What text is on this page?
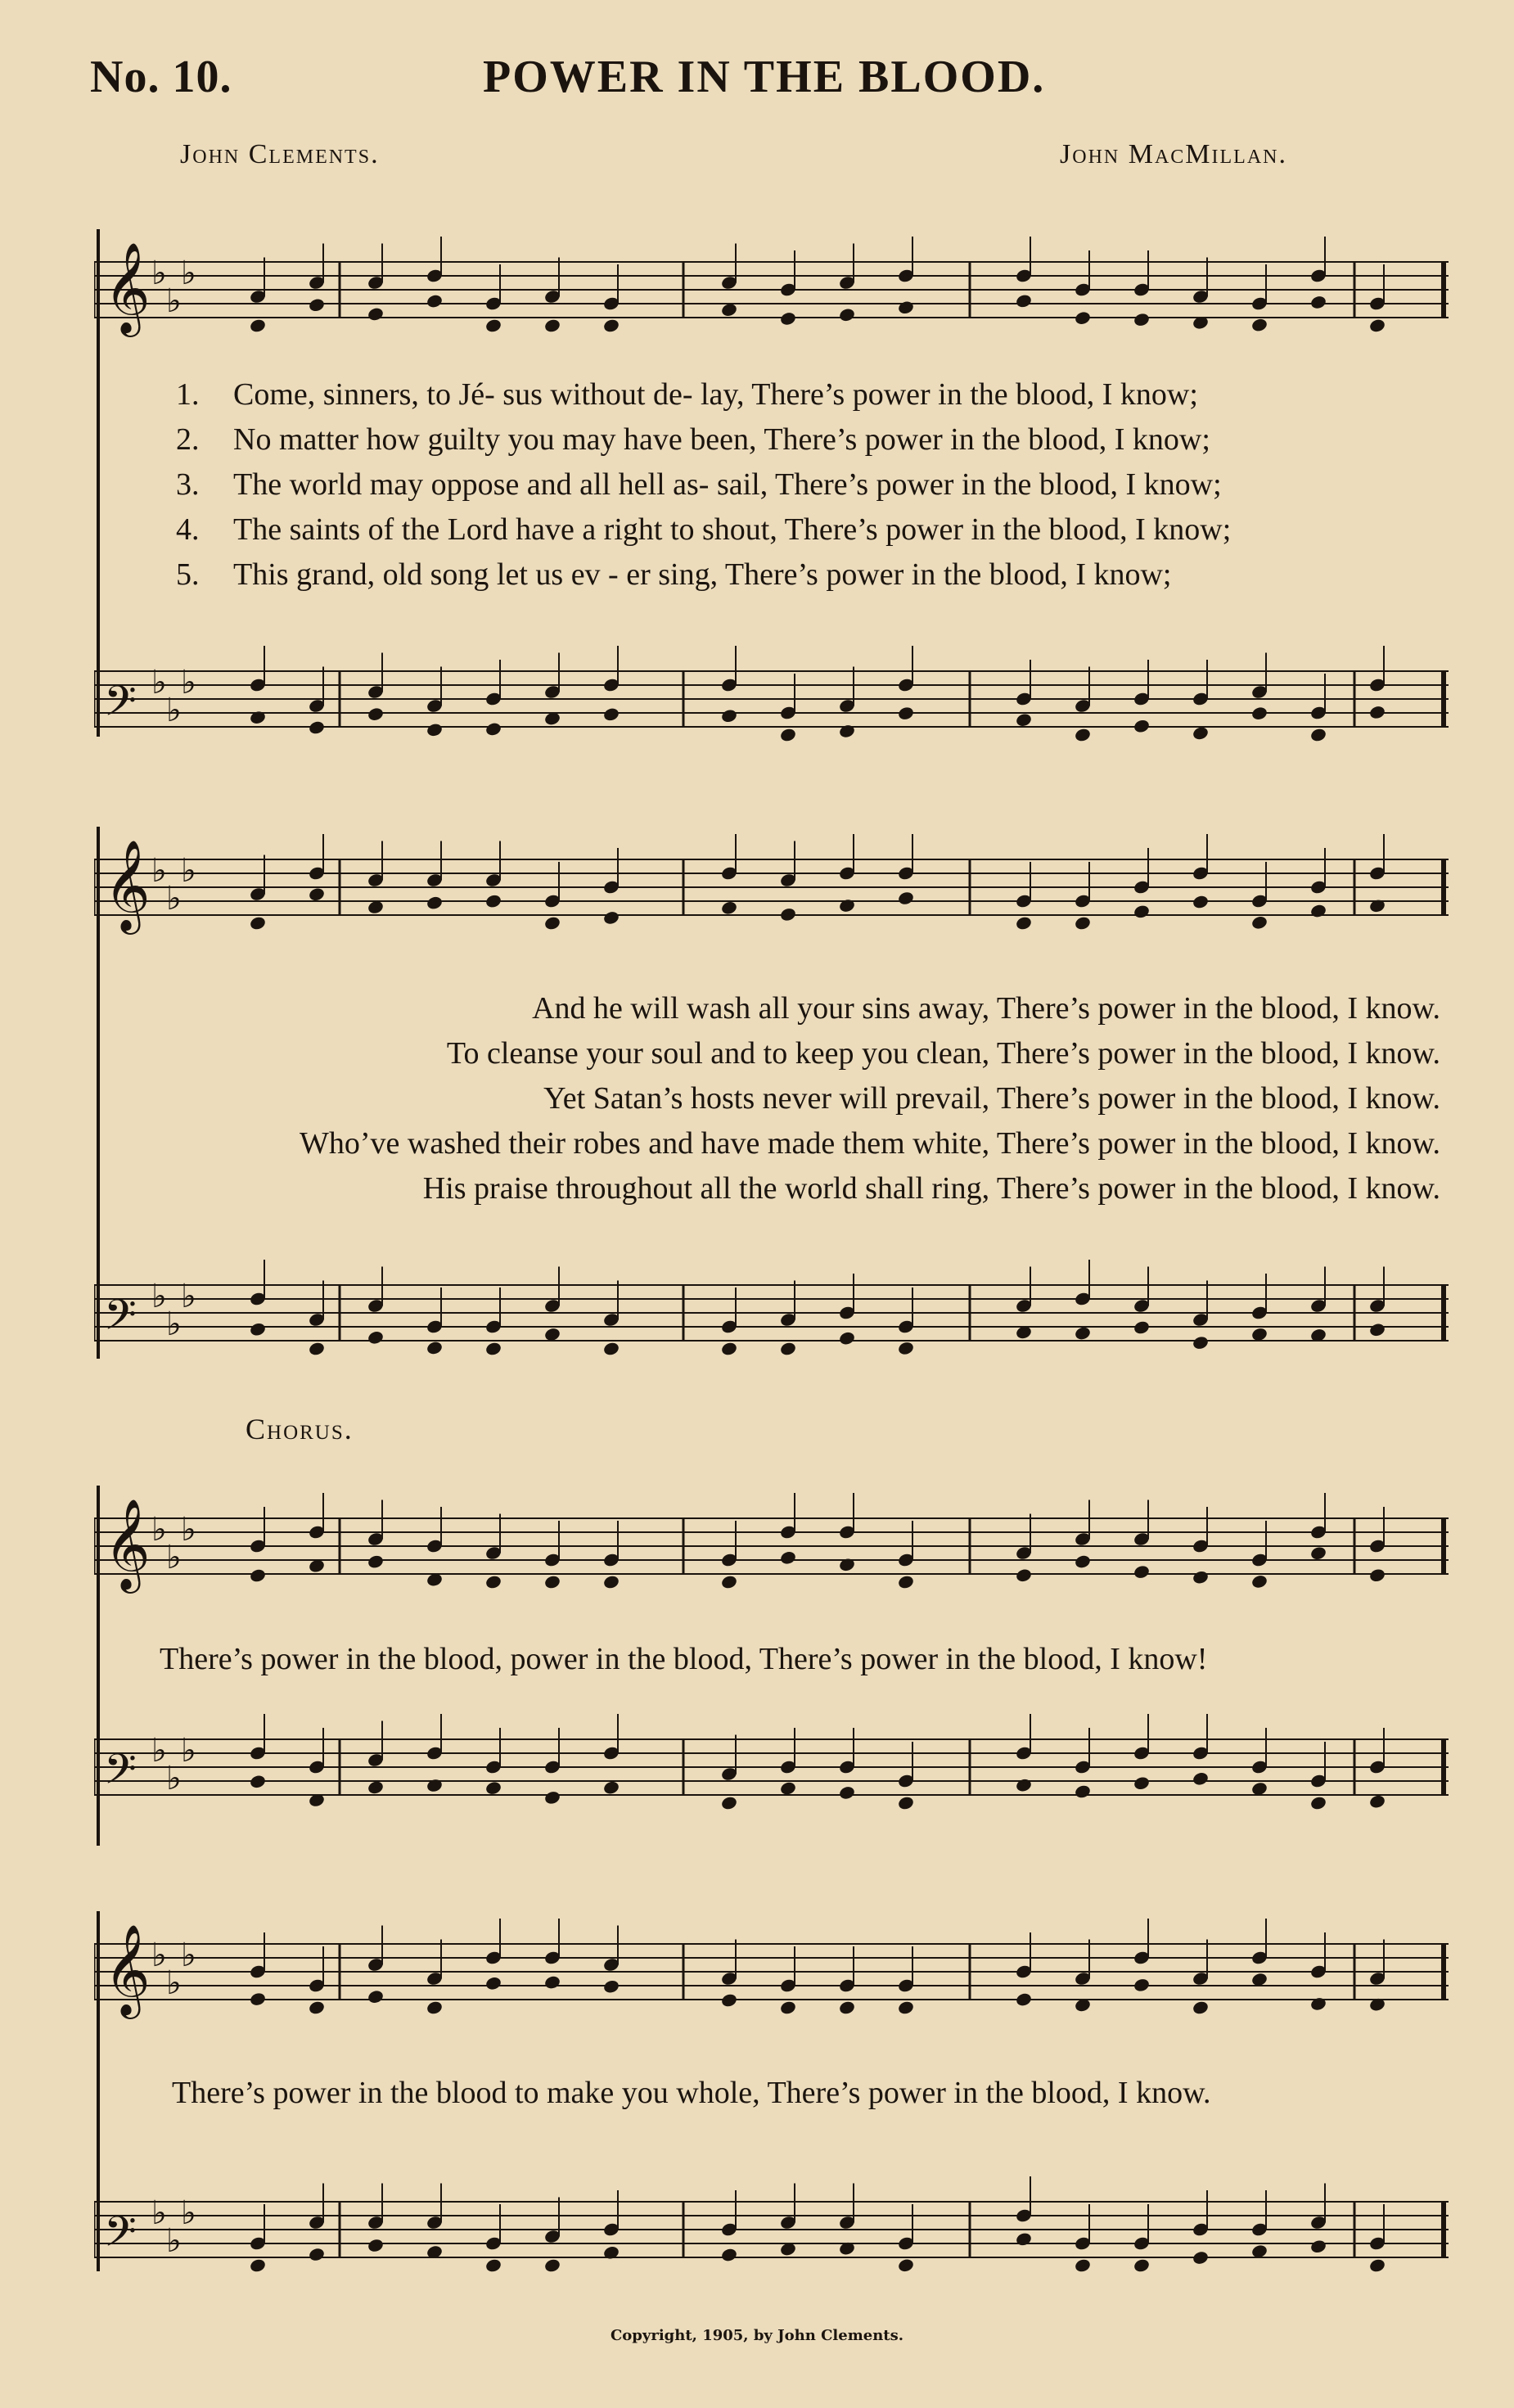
No. 10.	POWER IN THE BLOOD.
John Clements.	John MacMillan.
𝄞 ♭
♭
♭
𝄢 ♭
♭
♭
𝄞 ♭
♭
♭
𝄢 ♭
♭
♭
𝄞 ♭
♭
♭
𝄢 ♭
♭
♭
𝄞 ♭
♭
♭
𝄢 ♭
♭
♭
1. Come, sinners, to Jé- sus without de- lay, There’s power in the blood, I know;
2. No matter how guilty you may have been, There’s power in the blood, I know;
3. The world may oppose and all hell as- sail, There’s power in the blood, I know;
4. The saints of the Lord have a right to shout, There’s power in the blood, I know;
5. This grand, old song let us ev - er sing, There’s power in the blood, I know;
And he will wash all your sins away, There’s power in the blood, I know.
To cleanse your soul and to keep you clean, There’s power in the blood, I know.
Yet Satan’s hosts never will prevail, There’s power in the blood, I know.
Who’ve washed their robes and have made them white, There’s power in the blood, I know.
His praise throughout all the world shall ring, There’s power in the blood, I know.
Chorus.
There’s power in the blood, power in the blood, There’s power in the blood, I know!
There’s power in the blood to make you whole, There’s power in the blood, I know.
Copyright, 1905, by John Clements.
